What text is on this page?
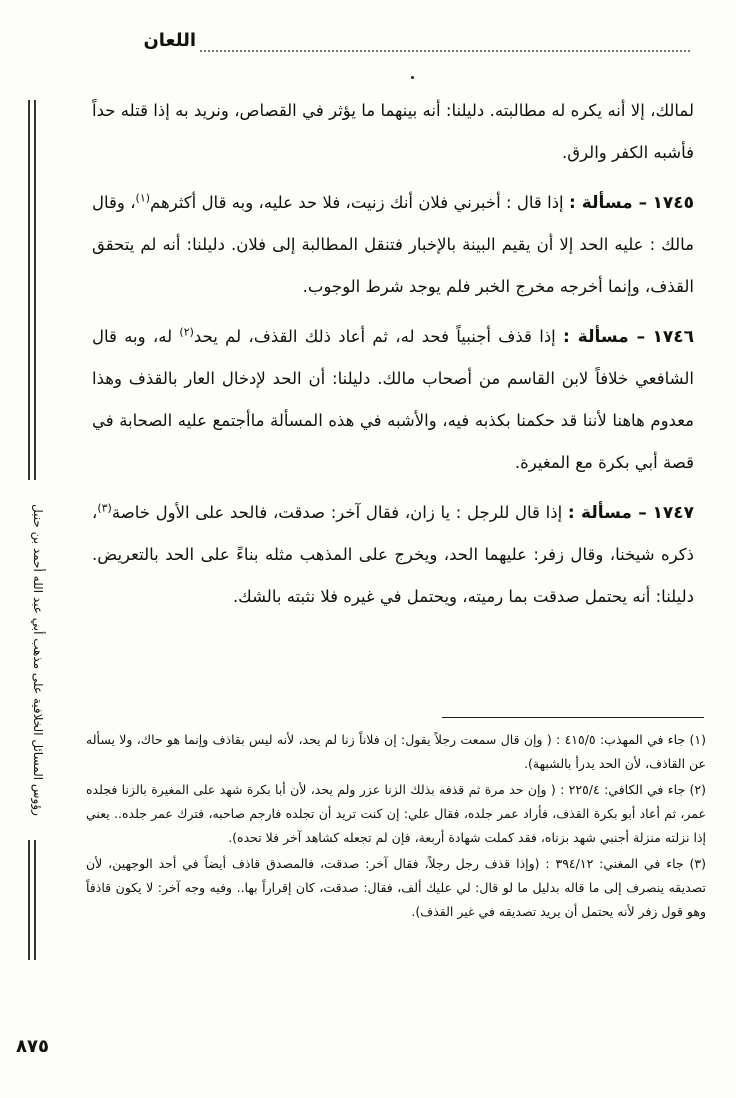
اللعان
رؤوس المسائل الخلافية على مذهب أبي عبد الله أحمد بن حنبل

لمالك، إلا أنه يكره له مطالبته. دليلنا: أنه بينهما ما يؤثر في القصاص، ونريد به إذا قتله حداً فأشبه الكفر والرق.

١٧٤٥ – مسألة : إذا قال : أخبرني فلان أنك زنيت، فلا حد عليه، وبه قال أكثرهم$^{(١)}$، وقال مالك : عليه الحد إلا أن يقيم البينة بالإخبار فتنقل المطالبة إلى فلان. دليلنا: أنه لم يتحقق القذف، وإنما أخرجه مخرج الخبر فلم يوجد شرط الوجوب.

١٧٤٦ – مسألة : إذا قذف أجنبياً فحد له، ثم أعاد ذلك القذف، لم يحد$^{(٢)}$ له، وبه قال الشافعي خلافاً لابن القاسم من أصحاب مالك. دليلنا: أن الحد لإدخال العار بالقذف وهذا معدوم هاهنا لأننا قد حكمنا بكذبه فيه، والأشبه في هذه المسألة ماأجتمع عليه الصحابة في قصة أبي بكرة مع المغيرة.

١٧٤٧ – مسألة : إذا قال للرجل : يا زان، فقال آخر: صدقت، فالحد على الأول خاصة$^{(٣)}$، ذكره شيخنا، وقال زفر: عليهما الحد، ويخرج على المذهب مثله بناءً على الحد بالتعريض. دليلنا: أنه يحتمل صدقت بما رميته، ويحتمل في غيره فلا نثبته بالشك.

(١) جاء في المهذب: ٤١٥/٥ : ( وإن قال سمعت رجلاً يقول: إن فلاناً زنا لم يحد، لأنه ليس بقاذف وإنما هو حاك، ولا يسأله عن القاذف، لأن الحد يدرأ بالشبهة).

(٢) جاء في الكافي: ٢٢٥/٤ : ( وإن حد مرة ثم قذفه بذلك الزنا عزر ولم يحد، لأن أبا بكرة شهد على المغيرة بالزنا فجلده عمر، ثم أعاد أبو بكرة القذف، فأراد عمر جلده، فقال علي: إن كنت تريد أن تجلده فارجم صاحبه، فترك عمر جلده.. يعني إذا نزلته منزلة أجنبي شهد بزناه، فقد كملت شهادة أربعة، فإن لم تجعله كشاهد آخر فلا تحده).

(٣) جاء في المغني: ٣٩٤/١٢ : (وإذا قذف رجل رجلاً، فقال آخر: صدقت، فالمصدق قاذف أيضاً في أحد الوجهين، لأن تصديقه ينصرف إلى ما قاله بدليل ما لو قال: لي عليك ألف، فقال: صدقت، كان إقراراً بها.. وفيه وجه آخر: لا يكون قاذفاً وهو قول زفر لأنه يحتمل أن يريد تصديقه في غير القذف).

٨٧٥
